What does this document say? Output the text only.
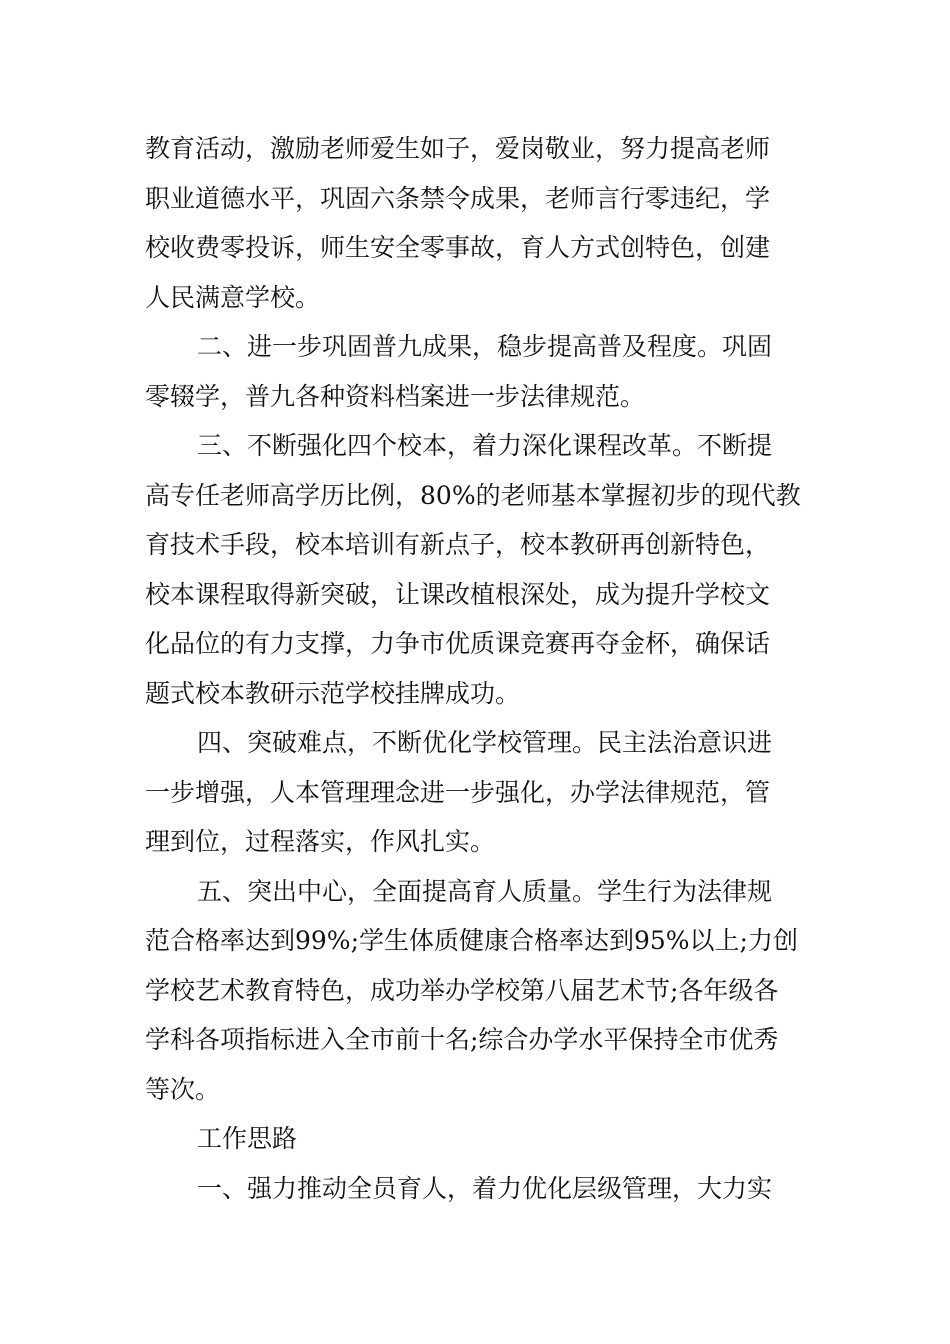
教育活动，激励老师爱生如子，爱岗敬业，努力提高老师
职业道德水平，巩固六条禁令成果，老师言行零违纪，学
校收费零投诉，师生安全零事故，育人方式创特色，创建
人民满意学校。
二、进一步巩固普九成果，稳步提高普及程度。巩固
零辍学，普九各种资料档案进一步法律规范。
三、不断强化四个校本，着力深化课程改革。不断提
高专任老师高学历比例，80%的老师基本掌握初步的现代教
育技术手段，校本培训有新点子，校本教研再创新特色，
校本课程取得新突破，让课改植根深处，成为提升学校文
化品位的有力支撑，力争市优质课竞赛再夺金杯，确保话
题式校本教研示范学校挂牌成功。
四、突破难点，不断优化学校管理。民主法治意识进
一步增强，人本管理理念进一步强化，办学法律规范，管
理到位，过程落实，作风扎实。
五、突出中心，全面提高育人质量。学生行为法律规
范合格率达到99%;学生体质健康合格率达到95%以上;力创
学校艺术教育特色，成功举办学校第八届艺术节;各年级各
学科各项指标进入全市前十名;综合办学水平保持全市优秀
等次。
工作思路
一、强力推动全员育人，着力优化层级管理，大力实
